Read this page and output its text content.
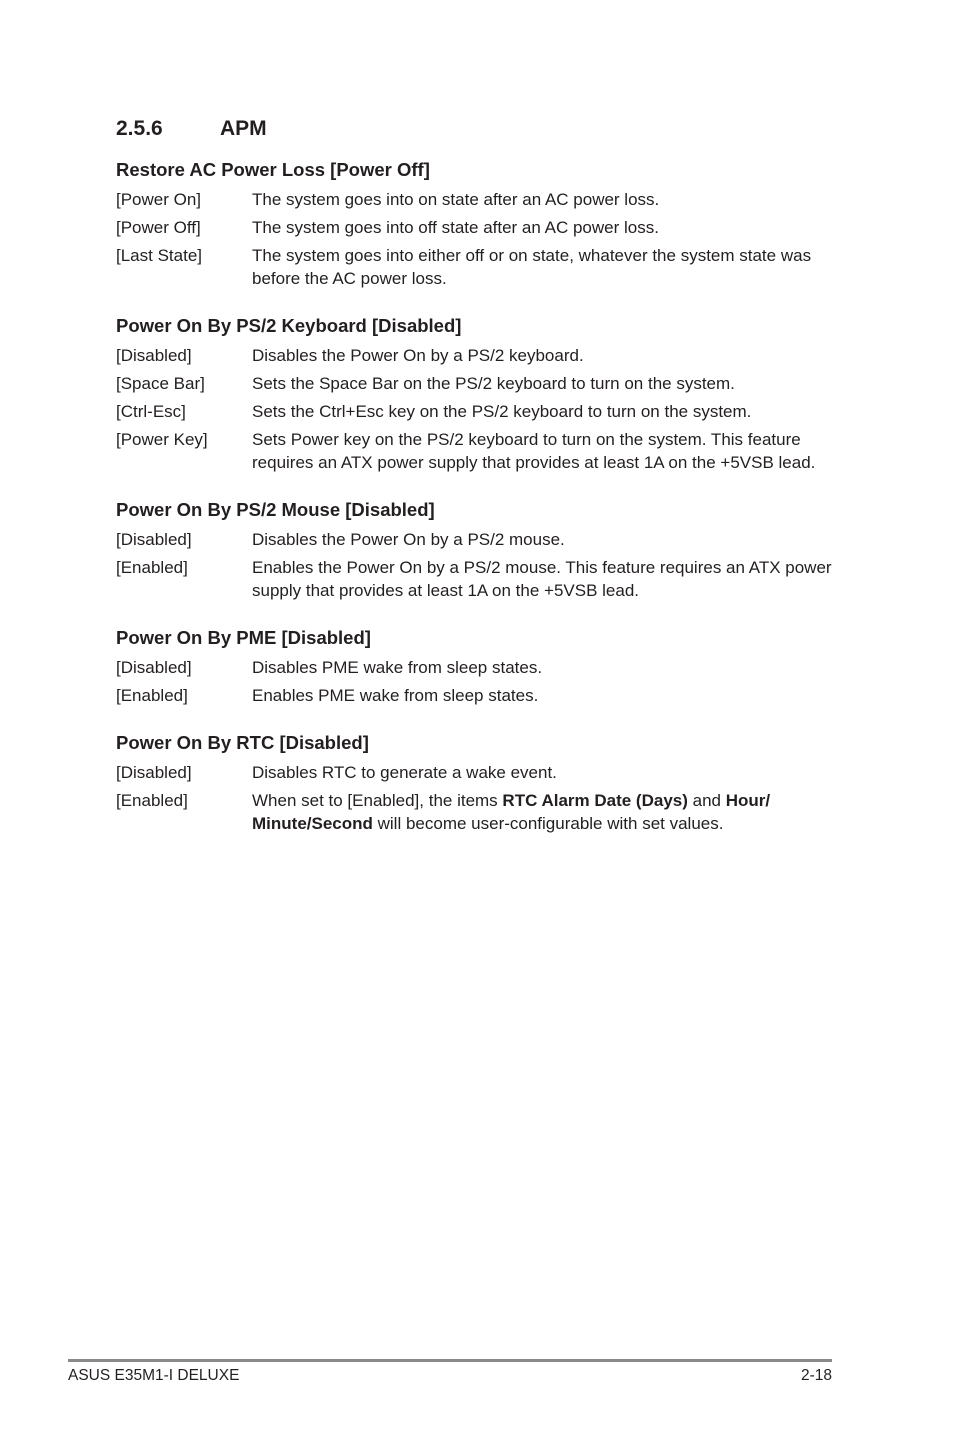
2.5.6	APM
Restore AC Power Loss [Power Off]
[Power On]	The system goes into on state after an AC power loss.
[Power Off]	The system goes into off state after an AC power loss.
[Last State]	The system goes into either off or on state, whatever the system state was before the AC power loss.
Power On By PS/2 Keyboard [Disabled]
[Disabled]	Disables the Power On by a PS/2 keyboard.
[Space Bar]	Sets the Space Bar on the PS/2 keyboard to turn on the system.
[Ctrl-Esc]	Sets the Ctrl+Esc key on the PS/2 keyboard to turn on the system.
[Power Key]	Sets Power key on the PS/2 keyboard to turn on the system. This feature requires an ATX power supply that provides at least 1A on the +5VSB lead.
Power On By PS/2 Mouse [Disabled]
[Disabled]	Disables the Power On by a PS/2 mouse.
[Enabled]	Enables the Power On by a PS/2 mouse. This feature requires an ATX power supply that provides at least 1A on the +5VSB lead.
Power On By PME [Disabled]
[Disabled]	Disables PME wake from sleep states.
[Enabled]	Enables PME wake from sleep states.
Power On By RTC [Disabled]
[Disabled]	Disables RTC to generate a wake event.
[Enabled]	When set to [Enabled], the items RTC Alarm Date (Days) and Hour/ Minute/Second will become user-configurable with set values.
ASUS E35M1-I DELUXE	2-18
